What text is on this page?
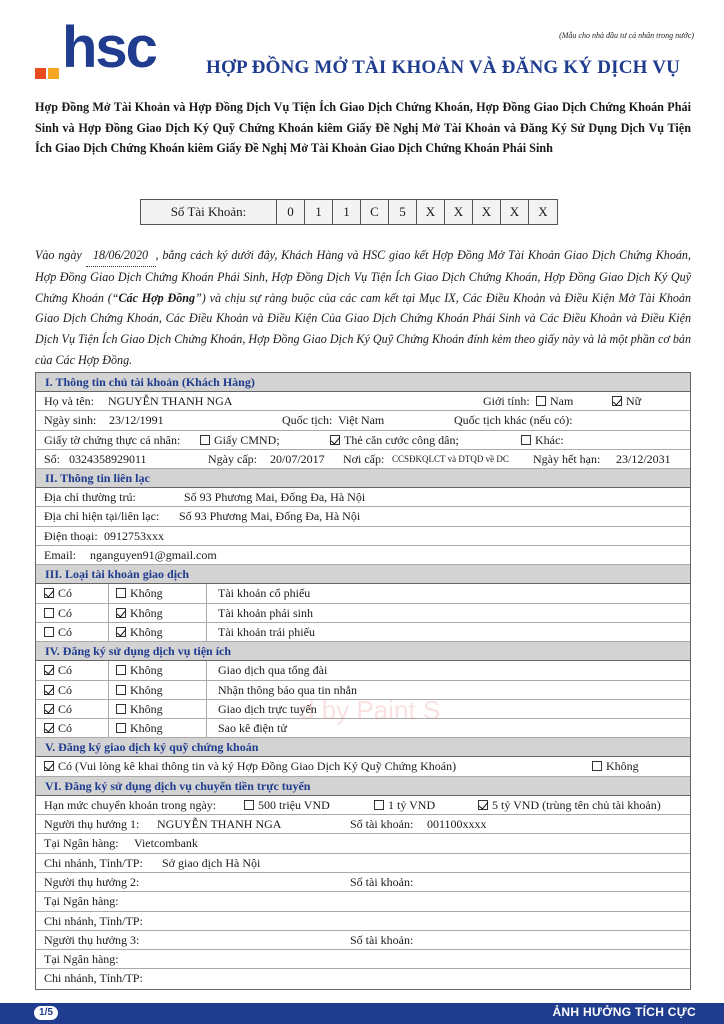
(Mẫu cho nhà đầu tư cá nhân trong nước)
hsc	HỢP ĐỒNG MỞ TÀI KHOẢN VÀ ĐĂNG KÝ DỊCH VỤ
Hợp Đồng Mở Tài Khoản và Hợp Đồng Dịch Vụ Tiện Ích Giao Dịch Chứng Khoán, Hợp Đồng Giao Dịch Chứng Khoán Phái Sinh và Hợp Đồng Giao Dịch Ký Quỹ Chứng Khoán kiêm Giấy Đề Nghị Mở Tài Khoản và Đăng Ký Sử Dụng Dịch Vụ Tiện Ích Giao Dịch Chứng Khoán kiêm Giấy Đề Nghị Mở Tài Khoản Giao Dịch Chứng Khoán Phái Sinh
Số Tài Khoản:	0	1	1	C	5	X	X	X	X	X
Vào ngày 18/06/2020 , bằng cách ký dưới đây, Khách Hàng và HSC giao kết Hợp Đồng Mở Tài Khoản Giao Dịch Chứng Khoán, Hợp Đồng Giao Dịch Chứng Khoán Phái Sinh, Hợp Đồng Dịch Vụ Tiện Ích Giao Dịch Chứng Khoán, Hợp Đồng Giao Dịch Ký Quỹ Chứng Khoán (“Các Hợp Đồng”) và chịu sự ràng buộc của các cam kết tại Mục IX, Các Điều Khoản và Điều Kiện Mở Tài Khoản Giao Dịch Chứng Khoán, Các Điều Khoản và Điều Kiện Của Giao Dịch Chứng Khoán Phái Sinh và Các Điều Khoản và Điều Kiện Dịch Vụ Tiện Ích Giao Dịch Chứng Khoán, Hợp Đồng Giao Dịch Ký Quỹ Chứng Khoán đính kèm theo giấy này và là một phần cơ bản của Các Hợp Đồng.
d by Paint S
I. Thông tin chủ tài khoản (Khách Hàng)
Họ và tên: NGUYỄN THANH NGA	Giới tính:	Nam	Nữ
Ngày sinh: 23/12/1991	Quốc tịch: Việt Nam	Quốc tịch khác (nếu có):
Giấy tờ chứng thực cá nhân:	Giấy CMND;	Thẻ căn cước công dân;	Khác:
Số: 0324358929011	Ngày cấp: 20/07/2017 Nơi cấp: CCSĐKQLCT và DTQD về DC Ngày hết hạn: 23/12/2031
II. Thông tin liên lạc
Địa chỉ thường trú:	Số 93 Phương Mai, Đống Đa, Hà Nội
Địa chỉ hiện tại/liên lạc: Số 93 Phương Mai, Đống Đa, Hà Nội
Điện thoại: 0912753xxx
Email: nganguyen91@gmail.com
III. Loại tài khoản giao dịch
Có	Không	Tài khoản cổ phiếu
Có	Không	Tài khoản phái sinh
Có	Không	Tài khoản trái phiếu
IV. Đăng ký sử dụng dịch vụ tiện ích
Có	Không	Giao dịch qua tổng đài
Có	Không	Nhận thông báo qua tin nhắn
Có	Không	Giao dịch trực tuyến
Có	Không	Sao kê điện tử
V. Đăng ký giao dịch ký quỹ chứng khoán
Có (Vui lòng kê khai thông tin và ký Hợp Đồng Giao Dịch Ký Quỹ Chứng Khoán)	Không
VI. Đăng ký sử dụng dịch vụ chuyển tiền trực tuyến
Hạn mức chuyển khoản trong ngày:	500 triệu VND	1 tỷ VND	5 tỷ VND (trùng tên chủ tài khoản)
Người thụ hưởng 1: NGUYỄN THANH NGA	Số tài khoản: 001100xxxx
Tại Ngân hàng: Vietcombank
Chi nhánh, Tỉnh/TP: Sở giao dịch Hà Nội
Người thụ hưởng 2:	Số tài khoản:
Tại Ngân hàng:
Chi nhánh, Tỉnh/TP:
Người thụ hưởng 3:	Số tài khoản:
Tại Ngân hàng:
Chi nhánh, Tỉnh/TP:
1/5	ẢNH HƯỞNG TÍCH CỰC
